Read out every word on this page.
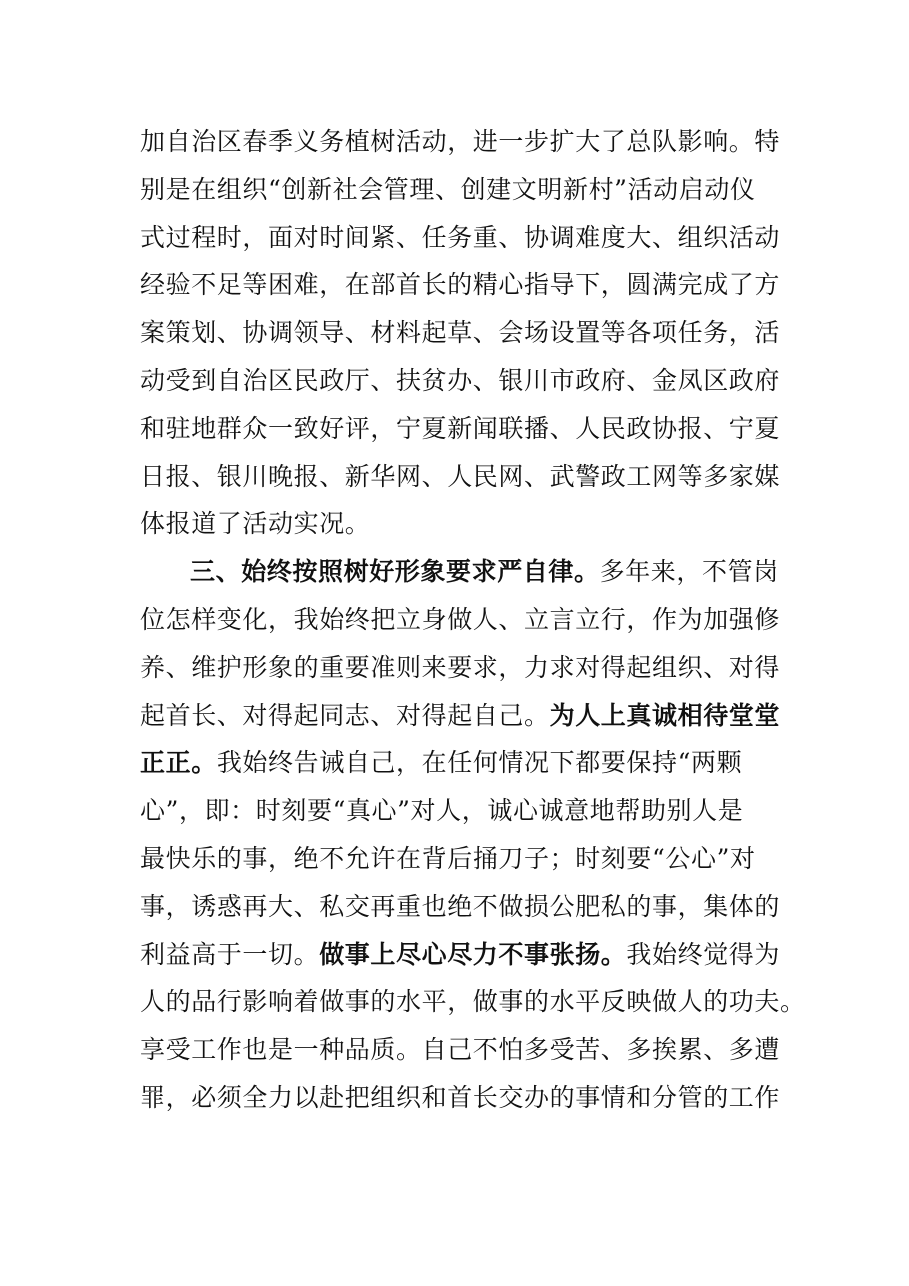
加自治区春季义务植树活动，进一步扩大了总队影响。特
别是在组织“创新社会管理、创建文明新村”活动启动仪
式过程时，面对时间紧、任务重、协调难度大、组织活动
经验不足等困难，在部首长的精心指导下，圆满完成了方
案策划、协调领导、材料起草、会场设置等各项任务，活
动受到自治区民政厅、扶贫办、银川市政府、金凤区政府
和驻地群众一致好评，宁夏新闻联播、人民政协报、宁夏
日报、银川晚报、新华网、人民网、武警政工网等多家媒
体报道了活动实况。
三、始终按照树好形象要求严自律。多年来，不管岗
位怎样变化，我始终把立身做人、立言立行，作为加强修
养、维护形象的重要准则来要求，力求对得起组织、对得
起首长、对得起同志、对得起自己。为人上真诚相待堂堂
正正。我始终告诫自己，在任何情况下都要保持“两颗
心”，即：时刻要“真心”对人，诚心诚意地帮助别人是
最快乐的事，绝不允许在背后捅刀子；时刻要“公心”对
事，诱惑再大、私交再重也绝不做损公肥私的事，集体的
利益高于一切。做事上尽心尽力不事张扬。我始终觉得为
人的品行影响着做事的水平，做事的水平反映做人的功夫。
享受工作也是一种品质。自己不怕多受苦、多挨累、多遭
罪，必须全力以赴把组织和首长交办的事情和分管的工作
